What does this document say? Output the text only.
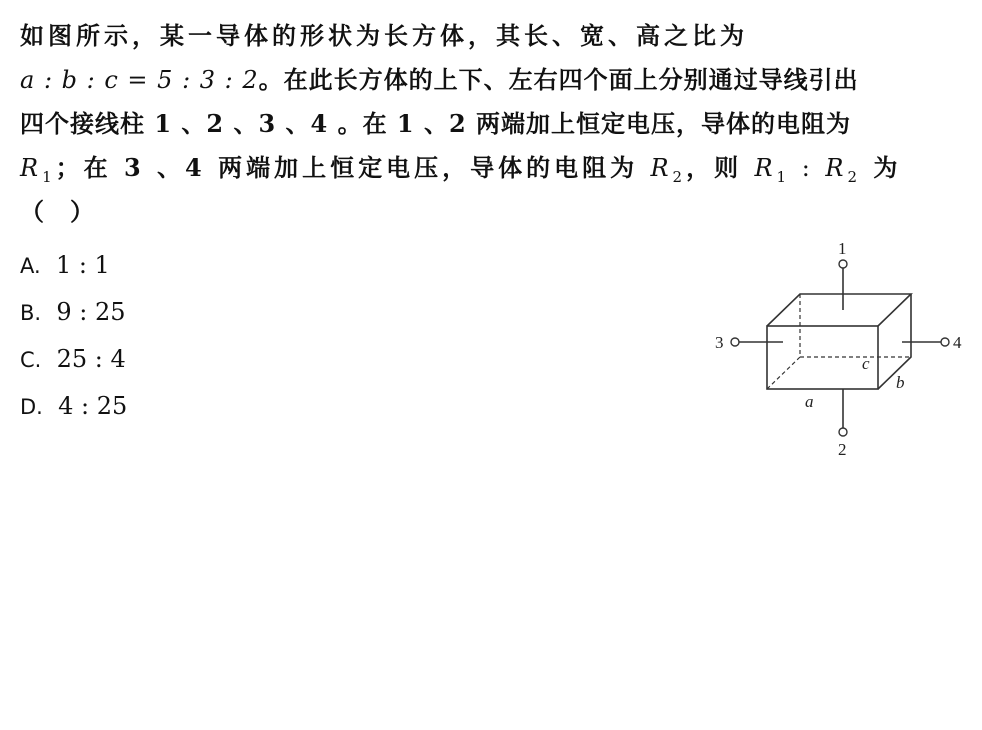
如图所示，某一导体的形状为长方体，其长、宽、高之比为
a : b : c = 5 : 3 : 2。在此长方体的上下、左右四个面上分别通过导线引出
四个接线柱 1 、2 、3 、4 。在 1 、2 两端加上恒定电压，导体的电阻为
$R_1$；在 3 、4 两端加上恒定电压，导体的电阻为 $R_2$，则 $R_1$ : $R_2$ 为
（　）
A. 1 : 1
B. 9 : 25
C. 25 : 4
D. 4 : 25
1
2
3	4
a
b
c
